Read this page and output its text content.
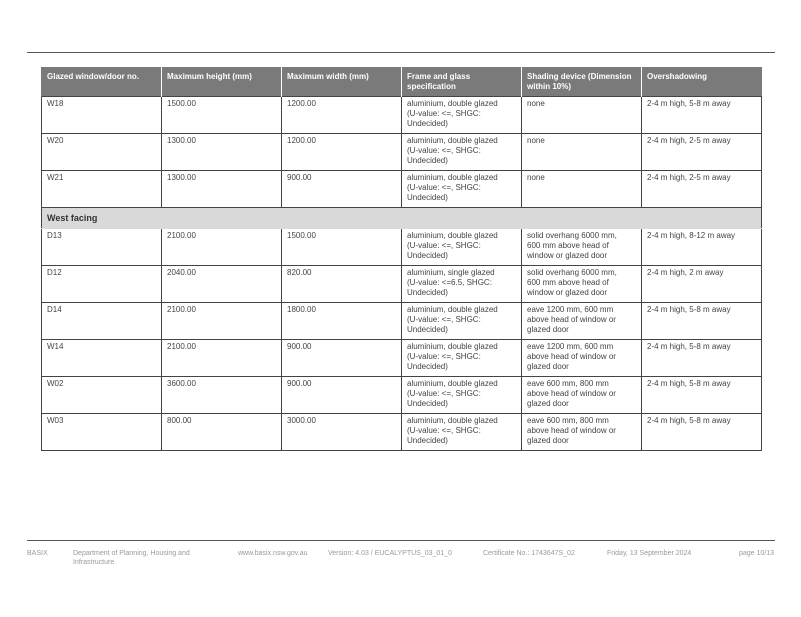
Glazed window/door no.	Maximum height (mm)	Maximum width (mm)	Frame and glass specification	Shading device (Dimension within 10%)	Overshadowing
W18	1500.00	1200.00	aluminium, double glazed
(U-value: <=, SHGC:
Undecided)	none	2-4 m high, 5-8 m away
W20	1300.00	1200.00	aluminium, double glazed
(U-value: <=, SHGC:
Undecided)	none	2-4 m high, 2-5 m away
W21	1300.00	900.00	aluminium, double glazed
(U-value: <=, SHGC:
Undecided)	none	2-4 m high, 2-5 m away
West facing					
D13	2100.00	1500.00	aluminium, double glazed
(U-value: <=, SHGC:
Undecided)	solid overhang 6000 mm,
600 mm above head of
window or glazed door	2-4 m high, 8-12 m away
D12	2040.00	820.00	aluminium, single glazed
(U-value: <=6.5, SHGC:
Undecided)	solid overhang 6000 mm,
600 mm above head of
window or glazed door	2-4 m high, 2 m away
D14	2100.00	1800.00	aluminium, double glazed
(U-value: <=, SHGC:
Undecided)	eave 1200 mm, 600 mm
above head of window or
glazed door	2-4 m high, 5-8 m away
W14	2100.00	900.00	aluminium, double glazed
(U-value: <=, SHGC:
Undecided)	eave 1200 mm, 600 mm
above head of window or
glazed door	2-4 m high, 5-8 m away
W02	3600.00	900.00	aluminium, double glazed
(U-value: <=, SHGC:
Undecided)	eave 600 mm, 800 mm
above head of window or
glazed door	2-4 m high, 5-8 m away
W03	800.00	3000.00	aluminium, double glazed
(U-value: <=, SHGC:
Undecided)	eave 600 mm, 800 mm
above head of window or
glazed door	2-4 m high, 5-8 m away
BASIX	Department of Planning, Housing and Infrastructure
www.basix.nsw.gov.au	Version: 4.03 / EUCALYPTUS_03_01_0	Certificate No.: 1743647S_02	Friday, 13 September 2024	page 10/13
